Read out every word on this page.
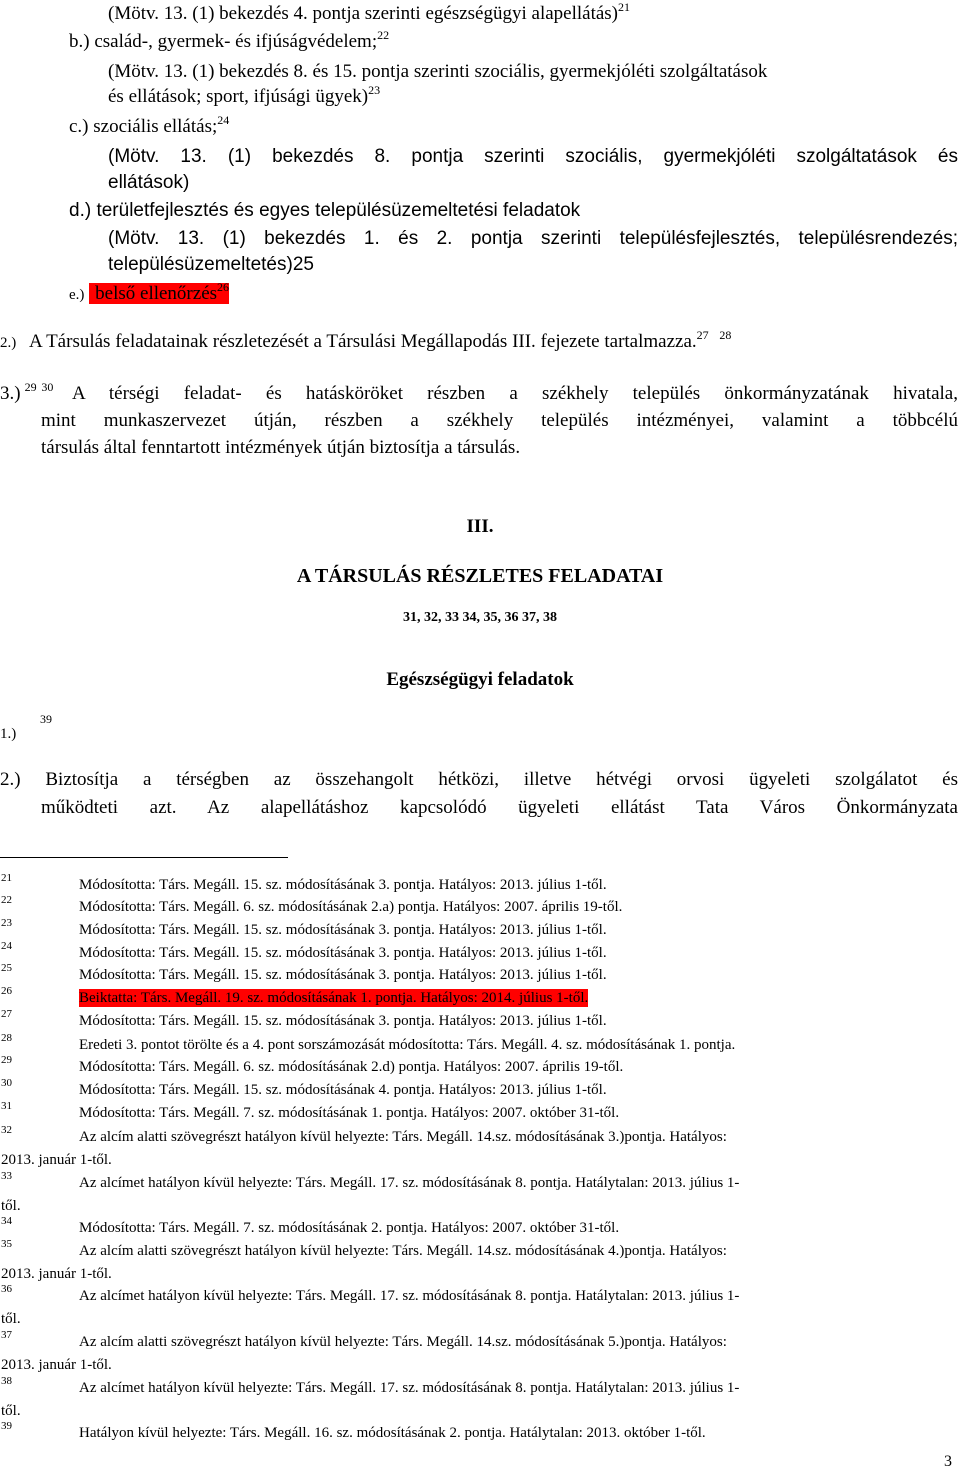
(Mötv. 13. (1) bekezdés 4. pontja szerinti egészségügyi alapellátás)$^{21}$
b.) család-, gyermek- és ifjúságvédelem;$^{22}$
(Mötv. 13. (1) bekezdés 8. és 15. pontja szerinti szociális, gyermekjóléti szolgáltatások
és ellátások; sport, ifjúsági ügyek)$^{23}$
c.) szociális ellátás;$^{24}$
(Mötv. 13. (1) bekezdés 8. pontja szerinti szociális, gyermekjóléti szolgáltatások és
ellátások)
d.) területfejlesztés és egyes településüzemeltetési feladatok
(Mötv. 13. (1) bekezdés 1. és 2. pontja szerinti településfejlesztés, településrendezés;
településüzemeltetés)25
e.) belső ellenőrzés$^{26}$
2.) A Társulás feladatainak részletezését a Társulási Megállapodás III. fejezete tartalmazza.$^{27}$ $^{28}$
3.) $^{29}$ $^{30}$ A térségi feladat- és hatásköröket részben a székhely település önkormányzatának hivatala,
mint munkaszervezet útján, részben a székhely település intézményei, valamint a többcélú
társulás által fenntartott intézmények útján biztosítja a társulás.
III.
A TÁRSULÁS RÉSZLETES FELADATAI
31, 32, 33 34, 35, 36 37, 38
Egészségügyi feladatok
1.)
39
2.) Biztosítja a térségben az összehangolt hétközi, illetve hétvégi orvosi ügyeleti szolgálatot és
működteti azt. Az alapellátáshoz kapcsolódó ügyeleti ellátást Tata Város Önkormányzata
21	Módosította: Társ. Megáll. 15. sz. módosításának 3. pontja. Hatályos: 2013. július 1-től.
22	Módosította: Társ. Megáll. 6. sz. módosításának 2.a) pontja. Hatályos: 2007. április 19-től.
23	Módosította: Társ. Megáll. 15. sz. módosításának 3. pontja. Hatályos: 2013. július 1-től.
24	Módosította: Társ. Megáll. 15. sz. módosításának 3. pontja. Hatályos: 2013. július 1-től.
25	Módosította: Társ. Megáll. 15. sz. módosításának 3. pontja. Hatályos: 2013. július 1-től.
26	Beiktatta: Társ. Megáll. 19. sz. módosításának 1. pontja. Hatályos: 2014. július 1-től.
27	Módosította: Társ. Megáll. 15. sz. módosításának 3. pontja. Hatályos: 2013. július 1-től.
28	Eredeti 3. pontot törölte és a 4. pont sorszámozását módosította: Társ. Megáll. 4. sz. módosításának 1. pontja.
29	Módosította: Társ. Megáll. 6. sz. módosításának 2.d) pontja. Hatályos: 2007. április 19-től.
30	Módosította: Társ. Megáll. 15. sz. módosításának 4. pontja. Hatályos: 2013. július 1-től.
31	Módosította: Társ. Megáll. 7. sz. módosításának 1. pontja. Hatályos: 2007. október 31-től.
32	Az alcím alatti szövegrészt hatályon kívül helyezte: Társ. Megáll. 14.sz. módosításának 3.)pontja. Hatályos:
2013. január 1-től.
33	Az alcímet hatályon kívül helyezte: Társ. Megáll. 17. sz. módosításának 8. pontja. Hatálytalan: 2013. július 1-
től.
34	Módosította: Társ. Megáll. 7. sz. módosításának 2. pontja. Hatályos: 2007. október 31-től.
35	Az alcím alatti szövegrészt hatályon kívül helyezte: Társ. Megáll. 14.sz. módosításának 4.)pontja. Hatályos:
2013. január 1-től.
36	Az alcímet hatályon kívül helyezte: Társ. Megáll. 17. sz. módosításának 8. pontja. Hatálytalan: 2013. július 1-
től.
37	Az alcím alatti szövegrészt hatályon kívül helyezte: Társ. Megáll. 14.sz. módosításának 5.)pontja. Hatályos:
2013. január 1-től.
38	Az alcímet hatályon kívül helyezte: Társ. Megáll. 17. sz. módosításának 8. pontja. Hatálytalan: 2013. július 1-
től.
39	Hatályon kívül helyezte: Társ. Megáll. 16. sz. módosításának 2. pontja. Hatálytalan: 2013. október 1-től.
3
